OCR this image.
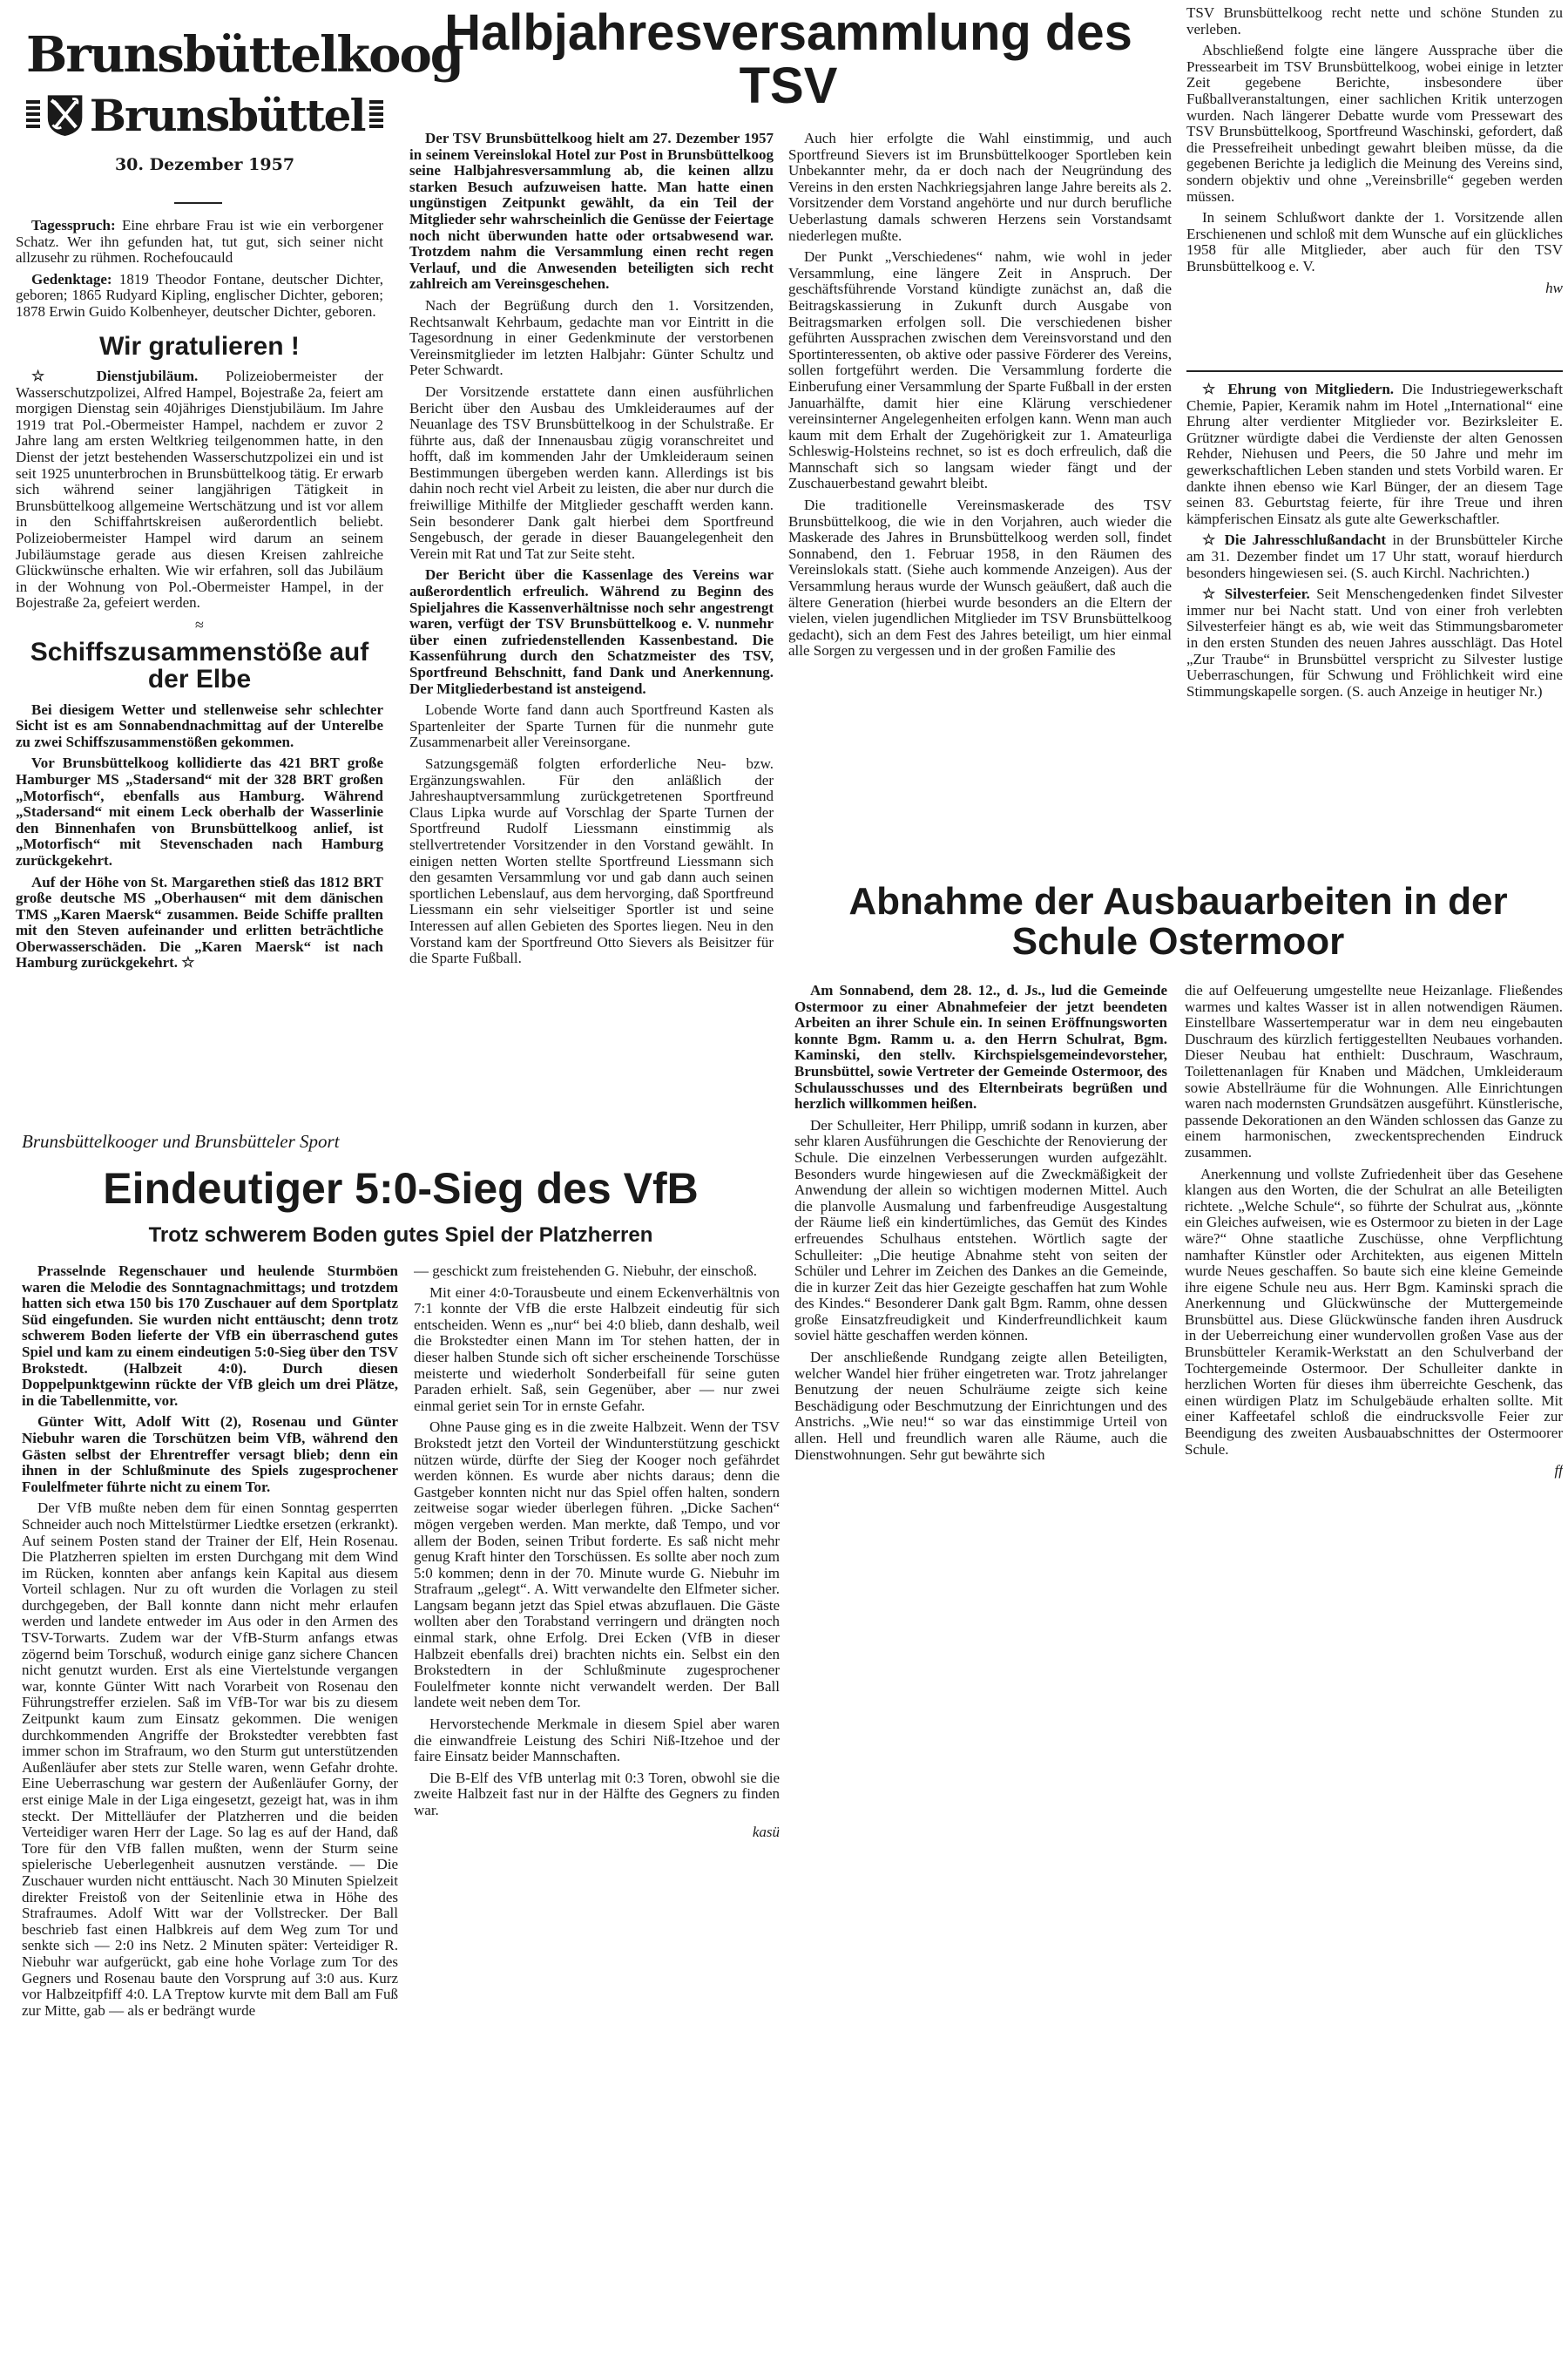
Brunsbüttelkoog
Brunsbüttel
30. Dezember 1957

Tagesspruch: Eine ehrbare Frau ist wie ein verborgener Schatz. Wer ihn gefunden hat, tut gut, sich seiner nicht allzusehr zu rühmen. Rochefoucauld

Gedenktage: 1819 Theodor Fontane, deutscher Dichter, geboren; 1865 Rudyard Kipling, englischer Dichter, geboren; 1878 Erwin Guido Kolbenheyer, deutscher Dichter, geboren.

Wir gratulieren !

☆ Dienstjubiläum. Polizeiobermeister der Wasserschutzpolizei, Alfred Hampel, Bojestraße 2a, feiert am morgigen Dienstag sein 40jähriges Dienstjubiläum. Im Jahre 1919 trat Pol.-Obermeister Hampel, nachdem er zuvor 2 Jahre lang am ersten Weltkrieg teilgenommen hatte, in den Dienst der jetzt bestehenden Wasserschutzpolizei ein und ist seit 1925 ununterbrochen in Brunsbüttelkoog tätig. Er erwarb sich während seiner langjährigen Tätigkeit in Brunsbüttelkoog allgemeine Wertschätzung und ist vor allem in den Schiffahrtskreisen außerordentlich beliebt. Polizeiobermeister Hampel wird darum an seinem Jubiläumstage gerade aus diesen Kreisen zahlreiche Glückwünsche erhalten. Wie wir erfahren, soll das Jubiläum in der Wohnung von Pol.-Obermeister Hampel, in der Bojestraße 2a, gefeiert werden.

≈
Schiffszusammenstöße auf der Elbe

Bei diesigem Wetter und stellenweise sehr schlechter Sicht ist es am Sonnabendnachmittag auf der Unterelbe zu zwei Schiffszusammenstößen gekommen.

Vor Brunsbüttelkoog kollidierte das 421 BRT große Hamburger MS „Stadersand“ mit der 328 BRT großen „Motorfisch“, ebenfalls aus Hamburg. Während „Stadersand“ mit einem Leck oberhalb der Wasserlinie den Binnenhafen von Brunsbüttelkoog anlief, ist „Motorfisch“ mit Stevenschaden nach Hamburg zurückgekehrt.

Auf der Höhe von St. Margarethen stieß das 1812 BRT große deutsche MS „Oberhausen“ mit dem dänischen TMS „Karen Maersk“ zusammen. Beide Schiffe prallten mit den Steven aufeinander und erlitten beträchtliche Oberwasserschäden. Die „Karen Maersk“ ist nach Hamburg zurückgekehrt. ☆

Halbjahresversammlung des TSV

Der TSV Brunsbüttelkoog hielt am 27. Dezember 1957 in seinem Vereinslokal Hotel zur Post in Brunsbüttelkoog seine Halbjahresversammlung ab, die keinen allzu starken Besuch aufzuweisen hatte. Man hatte einen ungünstigen Zeitpunkt gewählt, da ein Teil der Mitglieder sehr wahrscheinlich die Genüsse der Feiertage noch nicht überwunden hatte oder ortsabwesend war. Trotzdem nahm die Versammlung einen recht regen Verlauf, und die Anwesenden beteiligten sich recht zahlreich am Vereinsgeschehen.

Nach der Begrüßung durch den 1. Vorsitzenden, Rechtsanwalt Kehrbaum, gedachte man vor Eintritt in die Tagesordnung in einer Gedenkminute der verstorbenen Vereinsmitglieder im letzten Halbjahr: Günter Schultz und Peter Schwardt.

Der Vorsitzende erstattete dann einen ausführlichen Bericht über den Ausbau des Umkleideraumes auf der Neuanlage des TSV Brunsbüttelkoog in der Schulstraße. Er führte aus, daß der Innenausbau zügig voranschreitet und hofft, daß im kommenden Jahr der Umkleideraum seinen Bestimmungen übergeben werden kann. Allerdings ist bis dahin noch recht viel Arbeit zu leisten, die aber nur durch die freiwillige Mithilfe der Mitglieder geschafft werden kann. Sein besonderer Dank galt hierbei dem Sportfreund Sengebusch, der gerade in dieser Bauangelegenheit den Verein mit Rat und Tat zur Seite steht.

Der Bericht über die Kassenlage des Vereins war außerordentlich erfreulich. Während zu Beginn des Spieljahres die Kassenverhältnisse noch sehr angestrengt waren, verfügt der TSV Brunsbüttelkoog e. V. nunmehr über einen zufriedenstellenden Kassenbestand. Die Kassenführung durch den Schatzmeister des TSV, Sportfreund Behschnitt, fand Dank und Anerkennung. Der Mitgliederbestand ist ansteigend.

Lobende Worte fand dann auch Sportfreund Kasten als Spartenleiter der Sparte Turnen für die nunmehr gute Zusammenarbeit aller Vereinsorgane.

Satzungsgemäß folgten erforderliche Neu- bzw. Ergänzungswahlen. Für den anläßlich der Jahreshauptversammlung zurückgetretenen Sportfreund Claus Lipka wurde auf Vorschlag der Sparte Turnen der Sportfreund Rudolf Liessmann einstimmig als stellvertretender Vorsitzender in den Vorstand gewählt. In einigen netten Worten stellte Sportfreund Liessmann sich den gesamten Versammlung vor und gab dann auch seinen sportlichen Lebenslauf, aus dem hervorging, daß Sportfreund Liessmann ein sehr vielseitiger Sportler ist und seine Interessen auf allen Gebieten des Sportes liegen. Neu in den Vorstand kam der Sportfreund Otto Sievers als Beisitzer für die Sparte Fußball.

Auch hier erfolgte die Wahl einstimmig, und auch Sportfreund Sievers ist im Brunsbüttelkooger Sportleben kein Unbekannter mehr, da er doch nach der Neugründung des Vereins in den ersten Nachkriegsjahren lange Jahre bereits als 2. Vorsitzender dem Vorstand angehörte und nur durch berufliche Ueberlastung damals schweren Herzens sein Vorstandsamt niederlegen mußte.

Der Punkt „Verschiedenes“ nahm, wie wohl in jeder Versammlung, eine längere Zeit in Anspruch. Der geschäftsführende Vorstand kündigte zunächst an, daß die Beitragskassierung in Zukunft durch Ausgabe von Beitragsmarken erfolgen soll. Die verschiedenen bisher geführten Aussprachen zwischen dem Vereinsvorstand und den Sportinteressenten, ob aktive oder passive Förderer des Vereins, sollen fortgeführt werden. Die Versammlung forderte die Einberufung einer Versammlung der Sparte Fußball in der ersten Januarhälfte, damit hier eine Klärung verschiedener vereinsinterner Angelegenheiten erfolgen kann. Wenn man auch kaum mit dem Erhalt der Zugehörigkeit zur 1. Amateurliga Schleswig-Holsteins rechnet, so ist es doch erfreulich, daß die Mannschaft sich so langsam wieder fängt und der Zuschauerbestand gewahrt bleibt.

Die traditionelle Vereinsmaskerade des TSV Brunsbüttelkoog, die wie in den Vorjahren, auch wieder die Maskerade des Jahres in Brunsbüttelkoog werden soll, findet Sonnabend, den 1. Februar 1958, in den Räumen des Vereinslokals statt. (Siehe auch kommende Anzeigen). Aus der Versammlung heraus wurde der Wunsch geäußert, daß auch die ältere Generation (hierbei wurde besonders an die Eltern der vielen, vielen jugendlichen Mitglieder im TSV Brunsbüttelkoog gedacht), sich an dem Fest des Jahres beteiligt, um hier einmal alle Sorgen zu vergessen und in der großen Familie des

TSV Brunsbüttelkoog recht nette und schöne Stunden zu verleben.

Abschließend folgte eine längere Aussprache über die Pressearbeit im TSV Brunsbüttelkoog, wobei einige in letzter Zeit gegebene Berichte, insbesondere über Fußballveranstaltungen, einer sachlichen Kritik unterzogen wurden. Nach längerer Debatte wurde vom Pressewart des TSV Brunsbüttelkoog, Sportfreund Waschinski, gefordert, daß die Pressefreiheit unbedingt gewahrt bleiben müsse, da die gegebenen Berichte ja lediglich die Meinung des Vereins sind, sondern objektiv und ohne „Vereinsbrille“ gegeben werden müssen.

In seinem Schlußwort dankte der 1. Vorsitzende allen Erschienenen und schloß mit dem Wunsche auf ein glückliches 1958 für alle Mitglieder, aber auch für den TSV Brunsbüttelkoog e. V.

hw

☆ Ehrung von Mitgliedern. Die Industriegewerkschaft Chemie, Papier, Keramik nahm im Hotel „International“ eine Ehrung alter verdienter Mitglieder vor. Bezirksleiter E. Grützner würdigte dabei die Verdienste der alten Genossen Rehder, Niehusen und Peers, die 50 Jahre und mehr im gewerkschaftlichen Leben standen und stets Vorbild waren. Er dankte ihnen ebenso wie Karl Bünger, der an diesem Tage seinen 83. Geburtstag feierte, für ihre Treue und ihren kämpferischen Einsatz als gute alte Gewerkschaftler.

☆ Die Jahresschlußandacht in der Brunsbütteler Kirche am 31. Dezember findet um 17 Uhr statt, worauf hierdurch besonders hingewiesen sei. (S. auch Kirchl. Nachrichten.)

☆ Silvesterfeier. Seit Menschengedenken findet Silvester immer nur bei Nacht statt. Und von einer froh verlebten Silvesterfeier hängt es ab, wie weit das Stimmungsbarometer in den ersten Stunden des neuen Jahres ausschlägt. Das Hotel „Zur Traube“ in Brunsbüttel verspricht zu Silvester lustige Ueberraschungen, für Schwung und Fröhlichkeit wird eine Stimmungskapelle sorgen. (S. auch Anzeige in heutiger Nr.)

Abnahme der Ausbauarbeiten in der Schule Ostermoor

Am Sonnabend, dem 28. 12., d. Js., lud die Gemeinde Ostermoor zu einer Abnahmefeier der jetzt beendeten Arbeiten an ihrer Schule ein. In seinen Eröffnungsworten konnte Bgm. Ramm u. a. den Herrn Schulrat, Bgm. Kaminski, den stellv. Kirchspielsgemeindevorsteher, Brunsbüttel, sowie Vertreter der Gemeinde Ostermoor, des Schulausschusses und des Elternbeirats begrüßen und herzlich willkommen heißen.

Der Schulleiter, Herr Philipp, umriß sodann in kurzen, aber sehr klaren Ausführungen die Geschichte der Renovierung der Schule. Die einzelnen Verbesserungen wurden aufgezählt. Besonders wurde hingewiesen auf die Zweckmäßigkeit der Anwendung der allein so wichtigen modernen Mittel. Auch die planvolle Ausmalung und farbenfreudige Ausgestaltung der Räume ließ ein kindertümliches, das Gemüt des Kindes erfreuendes Schulhaus entstehen. Wörtlich sagte der Schulleiter: „Die heutige Abnahme steht von seiten der Schüler und Lehrer im Zeichen des Dankes an die Gemeinde, die in kurzer Zeit das hier Gezeigte geschaffen hat zum Wohle des Kindes.“ Besonderer Dank galt Bgm. Ramm, ohne dessen große Einsatzfreudigkeit und Kinderfreundlichkeit kaum soviel hätte geschaffen werden können.

Der anschließende Rundgang zeigte allen Beteiligten, welcher Wandel hier früher eingetreten war. Trotz jahrelanger Benutzung der neuen Schulräume zeigte sich keine Beschädigung oder Beschmutzung der Einrichtungen und des Anstrichs. „Wie neu!“ so war das einstimmige Urteil von allen. Hell und freundlich waren alle Räume, auch die Dienstwohnungen. Sehr gut bewährte sich

die auf Oelfeuerung umgestellte neue Heizanlage. Fließendes warmes und kaltes Wasser ist in allen notwendigen Räumen. Einstellbare Wassertemperatur war in dem neu eingebauten Duschraum des kürzlich fertiggestellten Neubaues vorhanden. Dieser Neubau hat enthielt: Duschraum, Waschraum, Toilettenanlagen für Knaben und Mädchen, Umkleideraum sowie Abstellräume für die Wohnungen. Alle Einrichtungen waren nach modernsten Grundsätzen ausgeführt. Künstlerische, passende Dekorationen an den Wänden schlossen das Ganze zu einem harmonischen, zweckentsprechenden Eindruck zusammen.

Anerkennung und vollste Zufriedenheit über das Gesehene klangen aus den Worten, die der Schulrat an alle Beteiligten richtete. „Welche Schule“, so führte der Schulrat aus, „könnte ein Gleiches aufweisen, wie es Ostermoor zu bieten in der Lage wäre?“ Ohne staatliche Zuschüsse, ohne Verpflichtung namhafter Künstler oder Architekten, aus eigenen Mitteln wurde Neues geschaffen. So baute sich eine kleine Gemeinde ihre eigene Schule neu aus. Herr Bgm. Kaminski sprach die Anerkennung und Glückwünsche der Muttergemeinde Brunsbüttel aus. Diese Glückwünsche fanden ihren Ausdruck in der Ueberreichung einer wundervollen großen Vase aus der Brunsbütteler Keramik-Werkstatt an den Schulverband der Tochtergemeinde Ostermoor. Der Schulleiter dankte in herzlichen Worten für dieses ihm überreichte Geschenk, das einen würdigen Platz im Schulgebäude erhalten sollte. Mit einer Kaffeetafel schloß die eindrucksvolle Feier zur Beendigung des zweiten Ausbauabschnittes der Ostermoorer Schule.

ff

Brunsbüttelkooger und Brunsbütteler Sport
Eindeutiger 5:0-Sieg des VfB
Trotz schwerem Boden gutes Spiel der Platzherren

Prasselnde Regenschauer und heulende Sturmböen waren die Melodie des Sonntagnachmittags; und trotzdem hatten sich etwa 150 bis 170 Zuschauer auf dem Sportplatz Süd eingefunden. Sie wurden nicht enttäuscht; denn trotz schwerem Boden lieferte der VfB ein überraschend gutes Spiel und kam zu einem eindeutigen 5:0-Sieg über den TSV Brokstedt. (Halbzeit 4:0). Durch diesen Doppelpunktgewinn rückte der VfB gleich um drei Plätze, in die Tabellenmitte, vor.

Günter Witt, Adolf Witt (2), Rosenau und Günter Niebuhr waren die Torschützen beim VfB, während den Gästen selbst der Ehrentreffer versagt blieb; denn ein ihnen in der Schlußminute des Spiels zugesprochener Foulelfmeter führte nicht zu einem Tor.

Der VfB mußte neben dem für einen Sonntag gesperrten Schneider auch noch Mittelstürmer Liedtke ersetzen (erkrankt). Auf seinem Posten stand der Trainer der Elf, Hein Rosenau. Die Platzherren spielten im ersten Durchgang mit dem Wind im Rücken, konnten aber anfangs kein Kapital aus diesem Vorteil schlagen. Nur zu oft wurden die Vorlagen zu steil durchgegeben, der Ball konnte dann nicht mehr erlaufen werden und landete entweder im Aus oder in den Armen des TSV-Torwarts. Zudem war der VfB-Sturm anfangs etwas zögernd beim Torschuß, wodurch einige ganz sichere Chancen nicht genutzt wurden. Erst als eine Viertelstunde vergangen war, konnte Günter Witt nach Vorarbeit von Rosenau den Führungstreffer erzielen. Saß im VfB-Tor war bis zu diesem Zeitpunkt kaum zum Einsatz gekommen. Die wenigen durchkommenden Angriffe der Brokstedter verebbten fast immer schon im Strafraum, wo den Sturm gut unterstützenden Außenläufer aber stets zur Stelle waren, wenn Gefahr drohte. Eine Ueberraschung war gestern der Außenläufer Gorny, der erst einige Male in der Liga eingesetzt, gezeigt hat, was in ihm steckt. Der Mittelläufer der Platzherren und die beiden Verteidiger waren Herr der Lage. So lag es auf der Hand, daß Tore für den VfB fallen mußten, wenn der Sturm seine spielerische Ueberlegenheit ausnutzen verstände. — Die Zuschauer wurden nicht enttäuscht. Nach 30 Minuten Spielzeit direkter Freistoß von der Seitenlinie etwa in Höhe des Strafraumes. Adolf Witt war der Vollstrecker. Der Ball beschrieb fast einen Halbkreis auf dem Weg zum Tor und senkte sich — 2:0 ins Netz. 2 Minuten später: Verteidiger R. Niebuhr war aufgerückt, gab eine hohe Vorlage zum Tor des Gegners und Rosenau baute den Vorsprung auf 3:0 aus. Kurz vor Halbzeitpfiff 4:0. LA Treptow kurvte mit dem Ball am Fuß zur Mitte, gab — als er bedrängt wurde

— geschickt zum freistehenden G. Niebuhr, der einschoß.

Mit einer 4:0-Torausbeute und einem Eckenverhältnis von 7:1 konnte der VfB die erste Halbzeit eindeutig für sich entscheiden. Wenn es „nur“ bei 4:0 blieb, dann deshalb, weil die Brokstedter einen Mann im Tor stehen hatten, der in dieser halben Stunde sich oft sicher erscheinende Torschüsse meisterte und wiederholt Sonderbeifall für seine guten Paraden erhielt. Saß, sein Gegenüber, aber — nur zwei einmal geriet sein Tor in ernste Gefahr.

Ohne Pause ging es in die zweite Halbzeit. Wenn der TSV Brokstedt jetzt den Vorteil der Windunterstützung geschickt nützen würde, dürfte der Sieg der Kooger noch gefährdet werden können. Es wurde aber nichts daraus; denn die Gastgeber konnten nicht nur das Spiel offen halten, sondern zeitweise sogar wieder überlegen führen. „Dicke Sachen“ mögen vergeben werden. Man merkte, daß Tempo, und vor allem der Boden, seinen Tribut forderte. Es saß nicht mehr genug Kraft hinter den Torschüssen. Es sollte aber noch zum 5:0 kommen; denn in der 70. Minute wurde G. Niebuhr im Strafraum „gelegt“. A. Witt verwandelte den Elfmeter sicher. Langsam begann jetzt das Spiel etwas abzuflauen. Die Gäste wollten aber den Torabstand verringern und drängten noch einmal stark, ohne Erfolg. Drei Ecken (VfB in dieser Halbzeit ebenfalls drei) brachten nichts ein. Selbst ein den Brokstedtern in der Schlußminute zugesprochener Foulelfmeter konnte nicht verwandelt werden. Der Ball landete weit neben dem Tor.

Hervorstechende Merkmale in diesem Spiel aber waren die einwandfreie Leistung des Schiri Niß-Itzehoe und der faire Einsatz beider Mannschaften.

Die B-Elf des VfB unterlag mit 0:3 Toren, obwohl sie die zweite Halbzeit fast nur in der Hälfte des Gegners zu finden war.

kasü
